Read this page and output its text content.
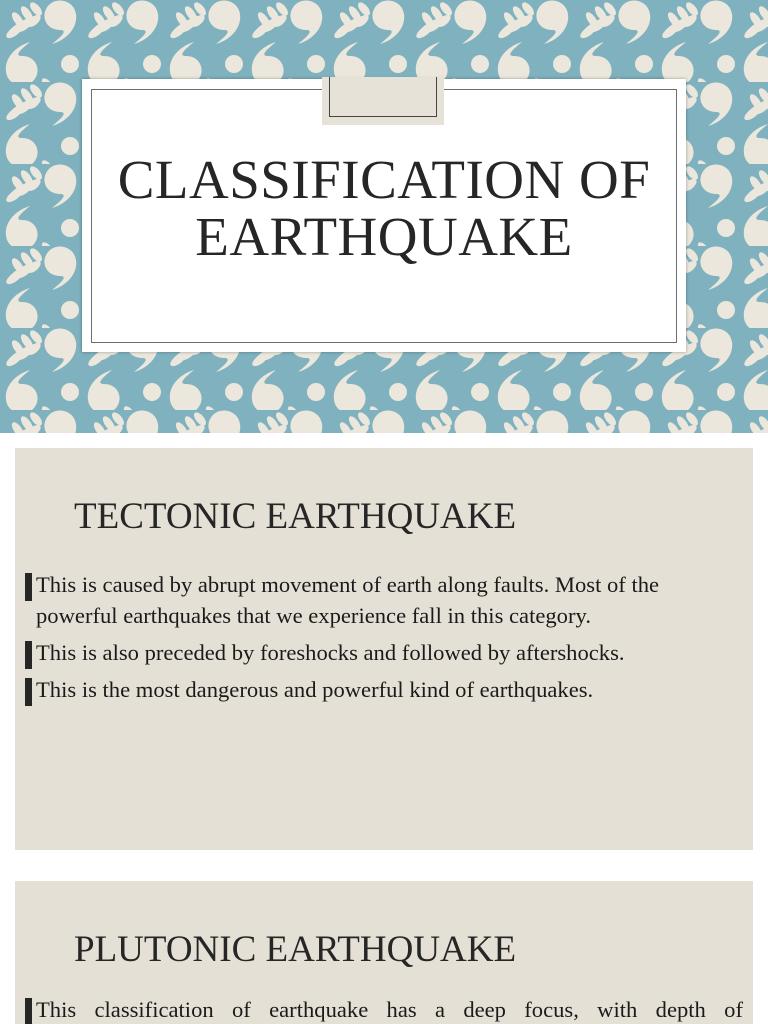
CLASSIFICATION OF
EARTHQUAKE
TECTONIC EARTHQUAKE
This is caused by abrupt movement of earth along faults. Most of the powerful earthquakes that we experience fall in this category.
This is also preceded by foreshocks and followed by aftershocks.
This is the most dangerous and powerful kind of earthquakes.
PLUTONIC EARTHQUAKE
This classification of earthquake has a deep focus, with depth of
